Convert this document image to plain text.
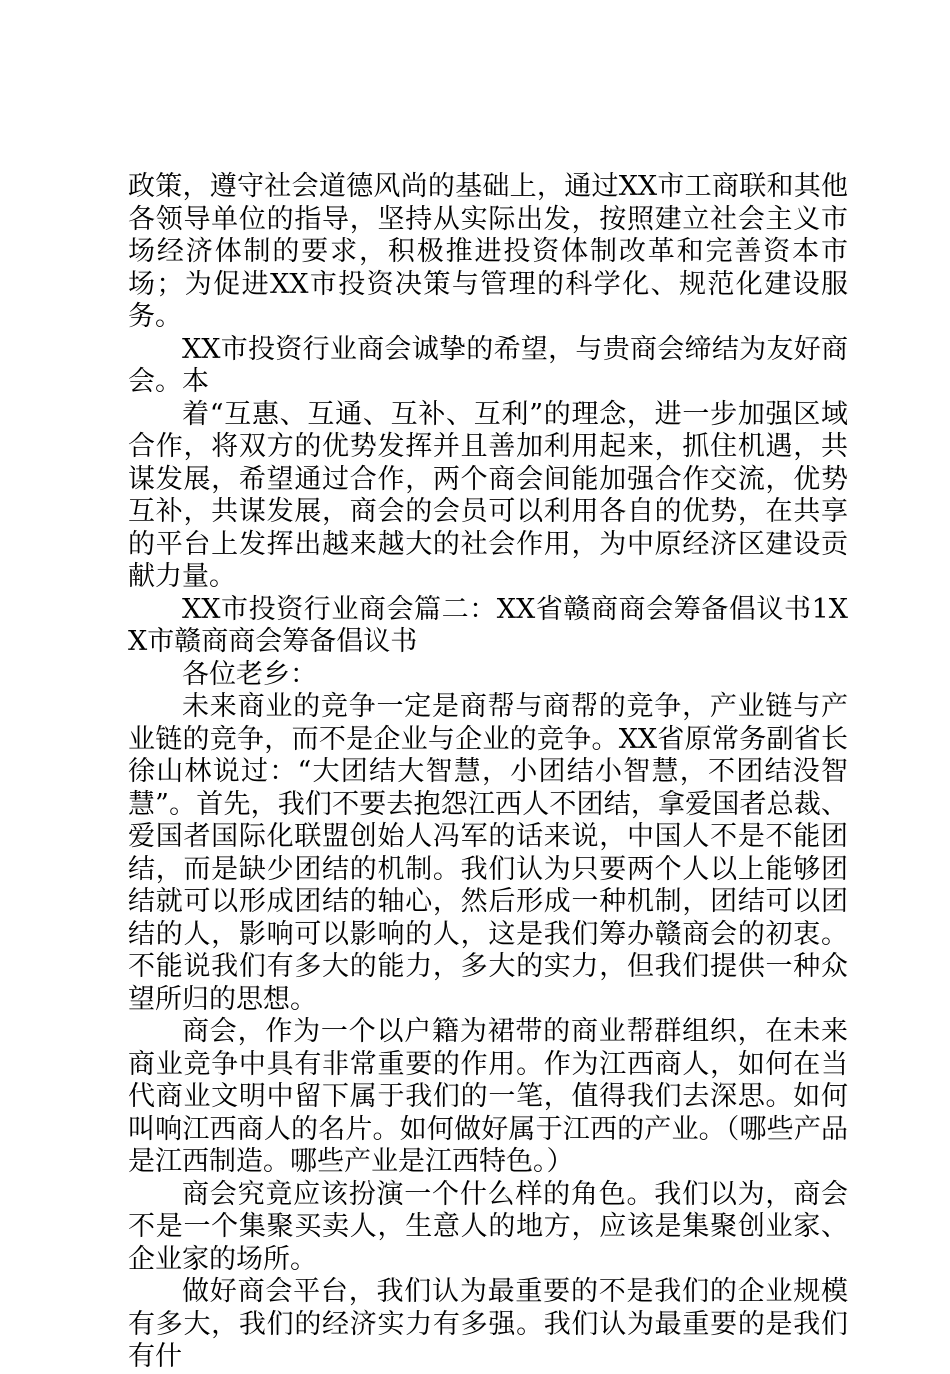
政策，遵守社会道德风尚的基础上，通过XX市工商联和其他各领导单位的指导，坚持从实际出发，按照建立社会主义市场经济体制的要求，积极推进投资体制改革和完善资本市场；为促进XX市投资决策与管理的科学化、规范化建设服务。

XX市投资行业商会诚挚的希望，与贵商会缔结为友好商会。本

着“互惠、互通、互补、互利”的理念，进一步加强区域合作，将双方的优势发挥并且善加利用起来，抓住机遇，共谋发展，希望通过合作，两个商会间能加强合作交流，优势互补，共谋发展，商会的会员可以利用各自的优势，在共享的平台上发挥出越来越大的社会作用，为中原经济区建设贡献力量。

XX市投资行业商会篇二：XX省赣商商会筹备倡议书1XX市赣商商会筹备倡议书

各位老乡：

未来商业的竞争一定是商帮与商帮的竞争，产业链与产业链的竞争，而不是企业与企业的竞争。XX省原常务副省长徐山林说过：“大团结大智慧，小团结小智慧，不团结没智慧”。首先，我们不要去抱怨江西人不团结，拿爱国者总裁、爱国者国际化联盟创始人冯军的话来说，中国人不是不能团结，而是缺少团结的机制。我们认为只要两个人以上能够团结就可以形成团结的轴心，然后形成一种机制，团结可以团结的人，影响可以影响的人，这是我们筹办赣商会的初衷。不能说我们有多大的能力，多大的实力，但我们提供一种众望所归的思想。

商会，作为一个以户籍为裙带的商业帮群组织，在未来商业竞争中具有非常重要的作用。作为江西商人，如何在当代商业文明中留下属于我们的一笔，值得我们去深思。如何叫响江西商人的名片。如何做好属于江西的产业。（哪些产品是江西制造。哪些产业是江西特色。）

商会究竟应该扮演一个什么样的角色。我们以为，商会不是一个集聚买卖人，生意人的地方，应该是集聚创业家、企业家的场所。

做好商会平台，我们认为最重要的不是我们的企业规模有多大，我们的经济实力有多强。我们认为最重要的是我们有什
